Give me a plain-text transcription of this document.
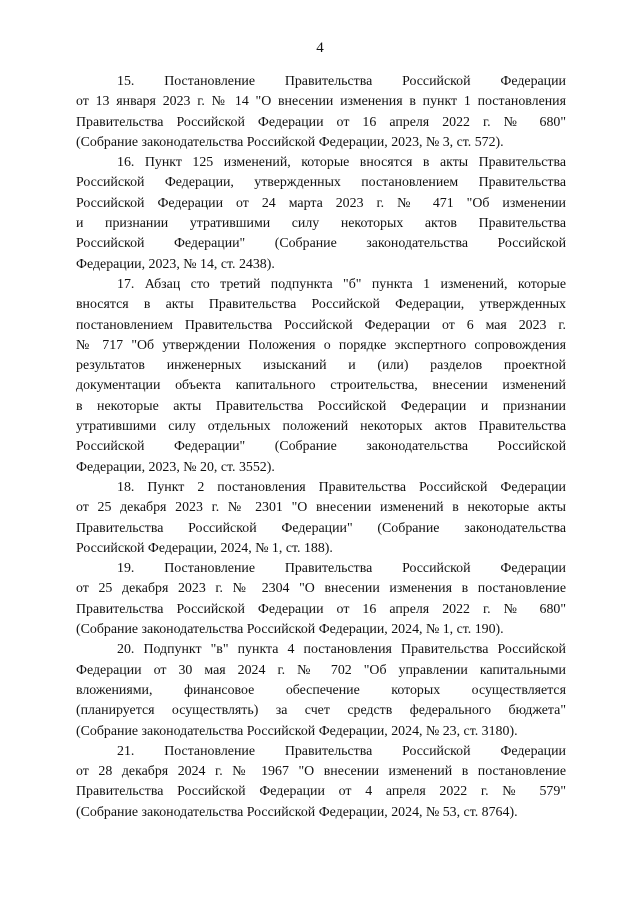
4

15. Постановление Правительства Российской Федерации
от 13 января 2023 г. № 14 "О внесении изменения в пункт 1 постановления
Правительства Российской Федерации от 16 апреля 2022 г. № 680"
(Собрание законодательства Российской Федерации, 2023, № 3, ст. 572).

16. Пункт 125 изменений, которые вносятся в акты Правительства
Российской Федерации, утвержденных постановлением Правительства
Российской Федерации от 24 марта 2023 г. № 471 "Об изменении
и признании утратившими силу некоторых актов Правительства
Российской Федерации" (Собрание законодательства Российской
Федерации, 2023, № 14, ст. 2438).

17. Абзац сто третий подпункта "б" пункта 1 изменений, которые
вносятся в акты Правительства Российской Федерации, утвержденных
постановлением Правительства Российской Федерации от 6 мая 2023 г.
№ 717 "Об утверждении Положения о порядке экспертного сопровождения
результатов инженерных изысканий и (или) разделов проектной
документации объекта капитального строительства, внесении изменений
в некоторые акты Правительства Российской Федерации и признании
утратившими силу отдельных положений некоторых актов Правительства
Российской Федерации" (Собрание законодательства Российской
Федерации, 2023, № 20, ст. 3552).

18. Пункт 2 постановления Правительства Российской Федерации
от 25 декабря 2023 г. № 2301 "О внесении изменений в некоторые акты
Правительства Российской Федерации" (Собрание законодательства
Российской Федерации, 2024, № 1, ст. 188).

19. Постановление Правительства Российской Федерации
от 25 декабря 2023 г. № 2304 "О внесении изменения в постановление
Правительства Российской Федерации от 16 апреля 2022 г. № 680"
(Собрание законодательства Российской Федерации, 2024, № 1, ст. 190).

20. Подпункт "в" пункта 4 постановления Правительства Российской
Федерации от 30 мая 2024 г. № 702 "Об управлении капитальными
вложениями, финансовое обеспечение которых осуществляется
(планируется осуществлять) за счет средств федерального бюджета"
(Собрание законодательства Российской Федерации, 2024, № 23, ст. 3180).

21. Постановление Правительства Российской Федерации
от 28 декабря 2024 г. № 1967 "О внесении изменений в постановление
Правительства Российской Федерации от 4 апреля 2022 г. № 579"
(Собрание законодательства Российской Федерации, 2024, № 53, ст. 8764).
